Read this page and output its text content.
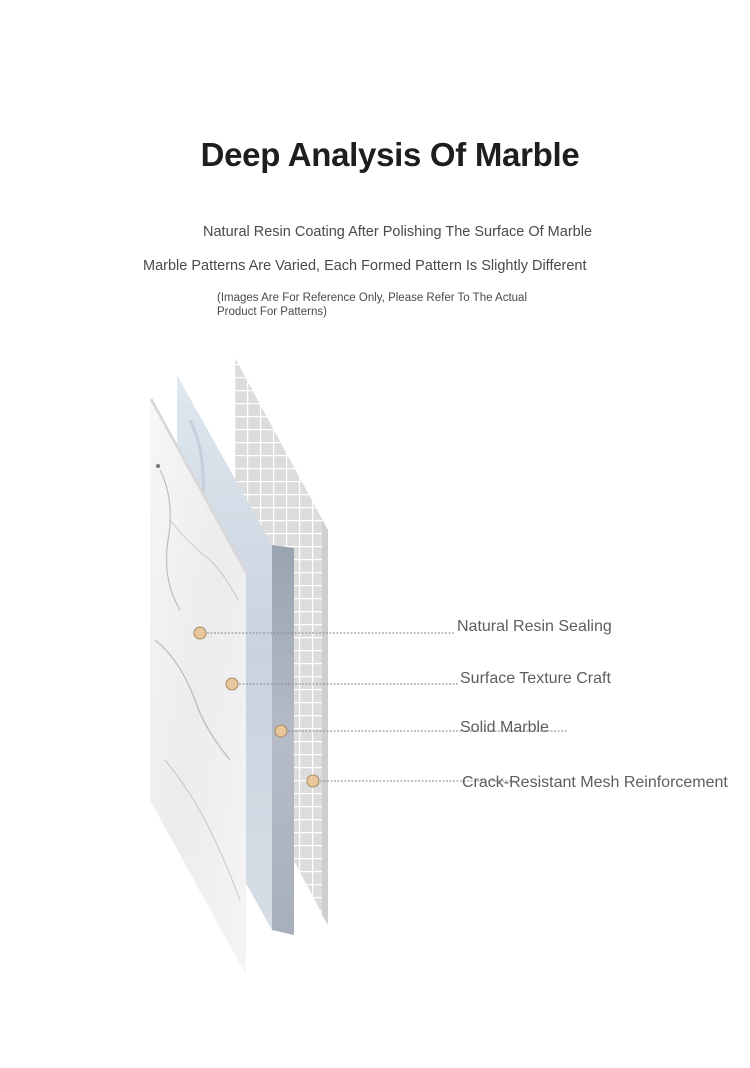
Deep Analysis Of Marble
Natural Resin Coating After Polishing The Surface Of Marble
Marble Patterns Are Varied, Each Formed Pattern Is Slightly Different
(Images Are For Reference Only, Please Refer To The Actual Product For Patterns)
Natural Resin Sealing
Surface Texture Craft
Solid Marble
Crack-Resistant Mesh Reinforcement
